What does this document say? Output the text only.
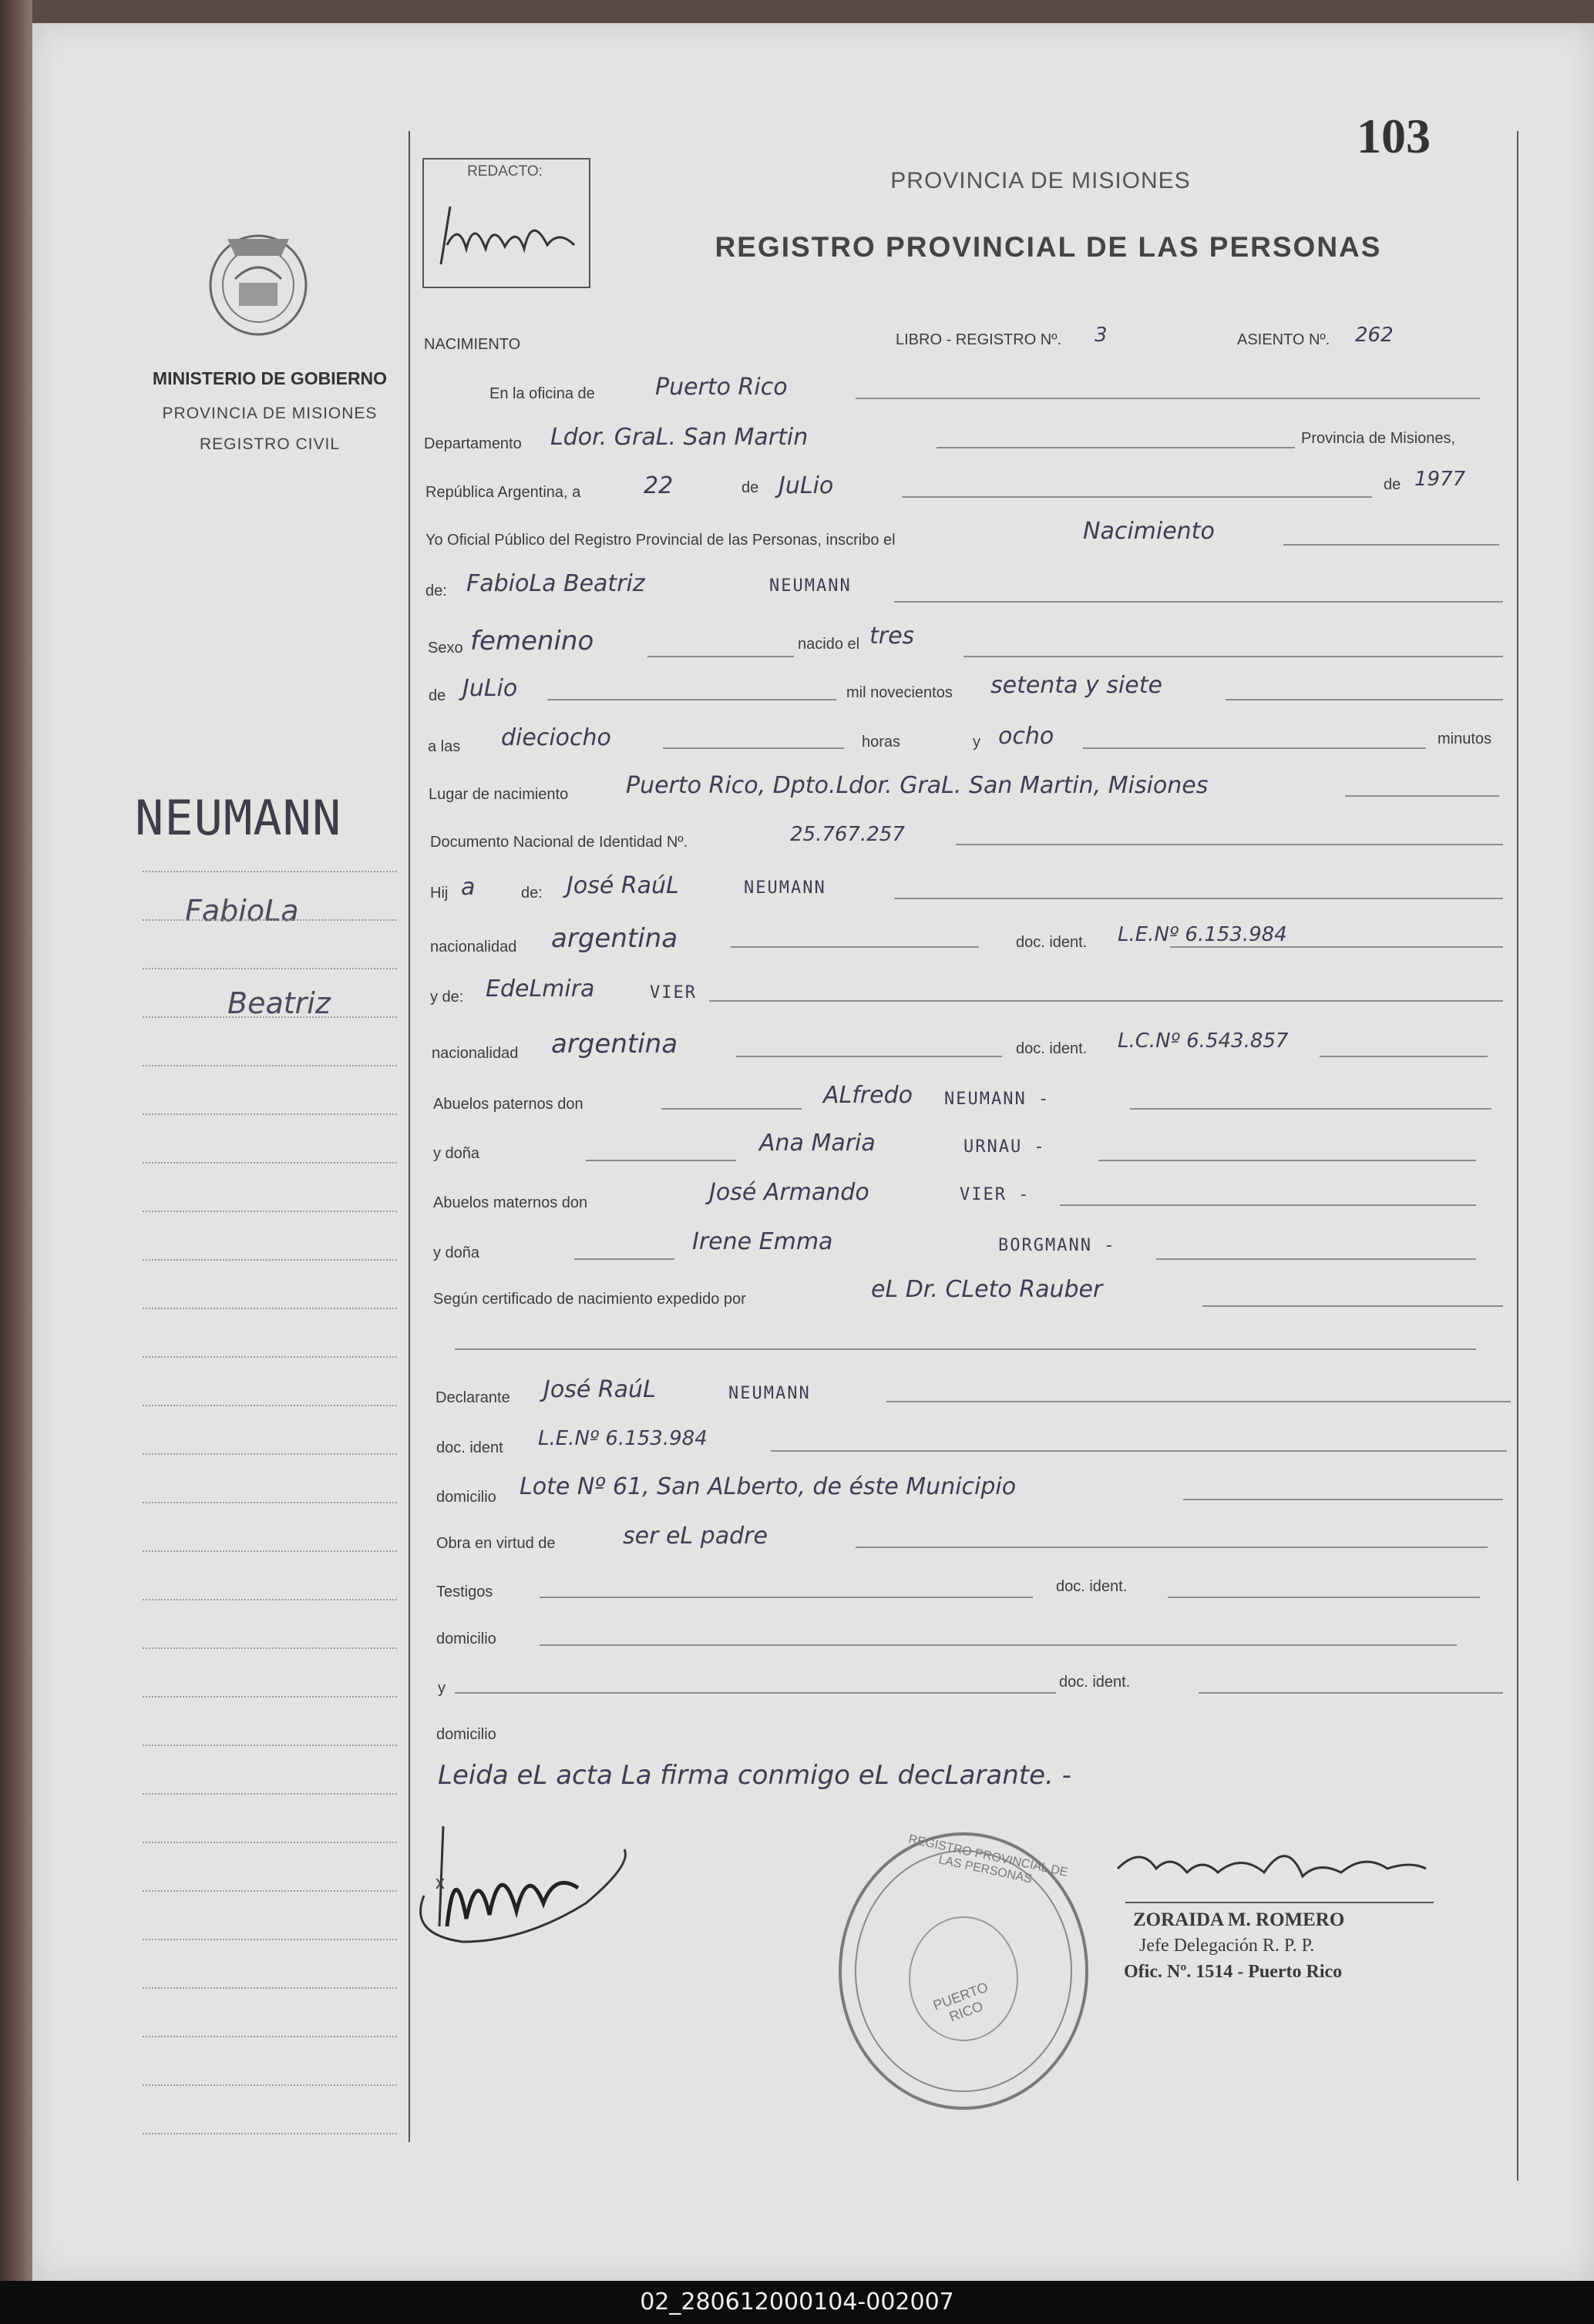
MINISTERIO DE GOBIERNO
PROVINCIA DE MISIONES
REGISTRO CIVIL
NEUMANN
FabioLa
Beatriz
REDACTO:
103
PROVINCIA DE MISIONES
REGISTRO PROVINCIAL DE LAS PERSONAS
NACIMIENTO	LIBRO - REGISTRO Nº. 3	ASIENTO Nº. 262
En la oficina de	Puerto Rico
Departamento Ldor. GraL. San Martin	Provincia de Misiones,
República Argentina, a	22	de JuLio	de 1977
Yo Oficial Público del Registro Provincial de las Personas, inscribo el	Nacimiento
de: FabioLa Beatriz	NEUMANN
Sexo femenino	nacido el tres
de JuLio	mil novecientos setenta y siete
a las dieciocho	horas	y ocho	minutos
Lugar de nacimiento Puerto Rico, Dpto.Ldor. GraL. San Martin, Misiones
Documento Nacional de Identidad Nº.	25.767.257
Hij a	de: José RaúL	NEUMANN
nacionalidad argentina	doc. ident. L.E.Nº 6.153.984
y de: EdeLmira	VIER
nacionalidad argentina	doc. ident. L.C.Nº 6.543.857
Abuelos paternos don	ALfredo NEUMANN -
y doña	Ana Maria	URNAU -
Abuelos maternos don	José Armando	VIER -
y doña	Irene Emma	BORGMANN -
Según certificado de nacimiento expedido por	eL Dr. CLeto Rauber
Declarante José RaúL	NEUMANN
doc. ident L.E.Nº 6.153.984
domicilio Lote Nº 61, San ALberto, de éste Municipio
Obra en virtud de	ser eL padre
Testigos	doc. ident.
domicilio
y	doc. ident.
domicilio
Leida eL acta La firma conmigo eL decLarante. -
x
PUERTO RICO
REGISTRO PROVINCIAL DE LAS PERSONAS
ZORAIDA M. ROMERO
Jefe Delegación R. P. P.
Ofic. Nº. 1514 - Puerto Rico
02_280612000104-002007
